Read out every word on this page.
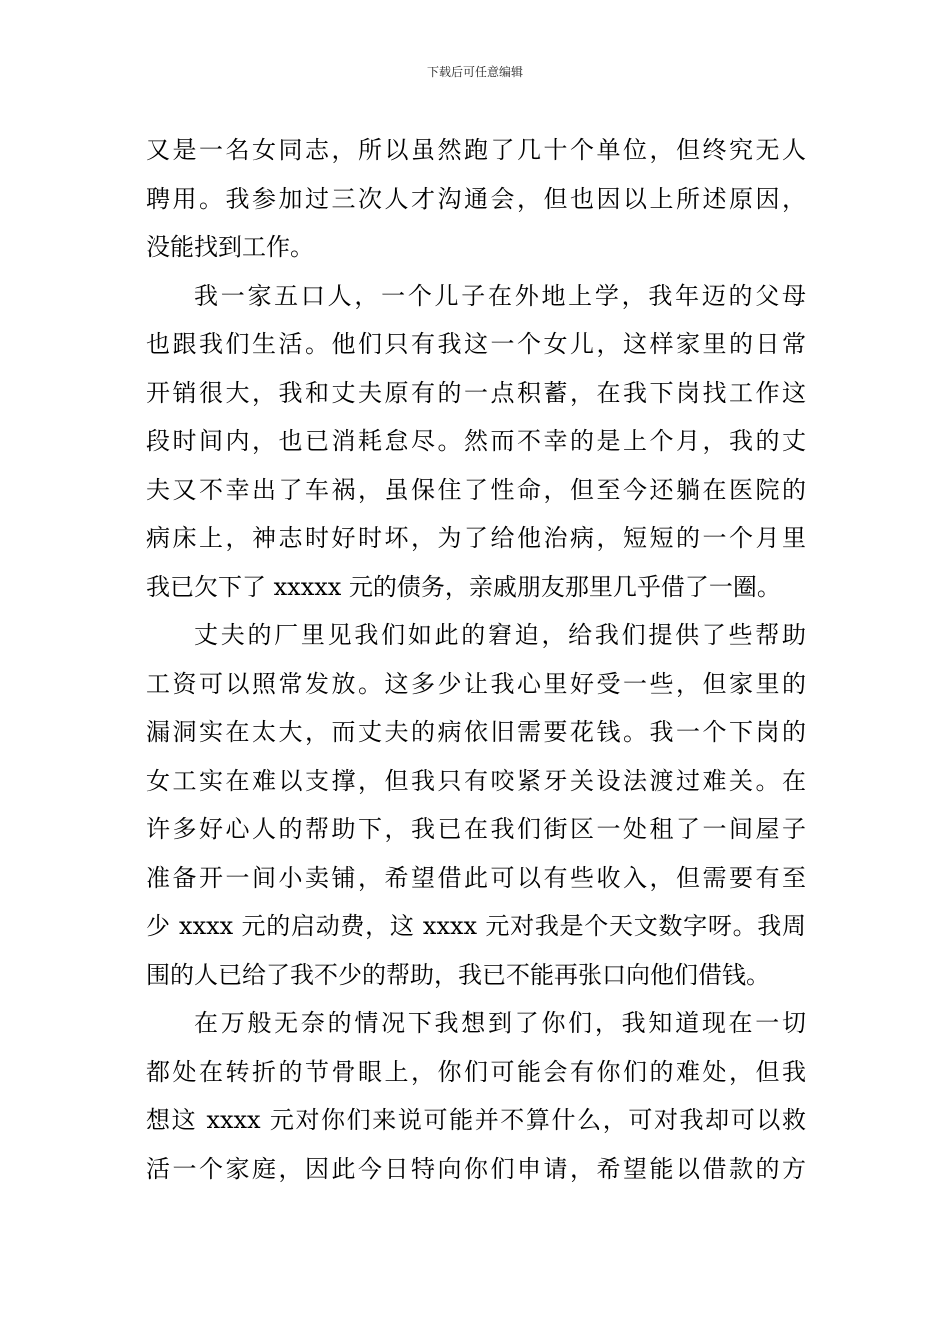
下载后可任意编辑
又是一名女同志，所以虽然跑了几十个单位，但终究无人
聘用。我参加过三次人才沟通会，但也因以上所述原因，
没能找到工作。
我一家五口人，一个儿子在外地上学，我年迈的父母
也跟我们生活。他们只有我这一个女儿，这样家里的日常
开销很大，我和丈夫原有的一点积蓄，在我下岗找工作这
段时间内，也已消耗怠尽。然而不幸的是上个月，我的丈
夫又不幸出了车祸，虽保住了性命，但至今还躺在医院的
病床上，神志时好时坏，为了给他治病，短短的一个月里
我已欠下了 xxxxx 元的债务，亲戚朋友那里几乎借了一圈。
丈夫的厂里见我们如此的窘迫，给我们提供了些帮助
工资可以照常发放。这多少让我心里好受一些，但家里的
漏洞实在太大，而丈夫的病依旧需要花钱。我一个下岗的
女工实在难以支撑，但我只有咬紧牙关设法渡过难关。在
许多好心人的帮助下，我已在我们街区一处租了一间屋子
准备开一间小卖铺，希望借此可以有些收入，但需要有至
少 xxxx 元的启动费，这 xxxx 元对我是个天文数字呀。我周
围的人已给了我不少的帮助，我已不能再张口向他们借钱。
在万般无奈的情况下我想到了你们，我知道现在一切
都处在转折的节骨眼上，你们可能会有你们的难处，但我
想这 xxxx 元对你们来说可能并不算什么，可对我却可以救
活一个家庭，因此今日特向你们申请，希望能以借款的方
